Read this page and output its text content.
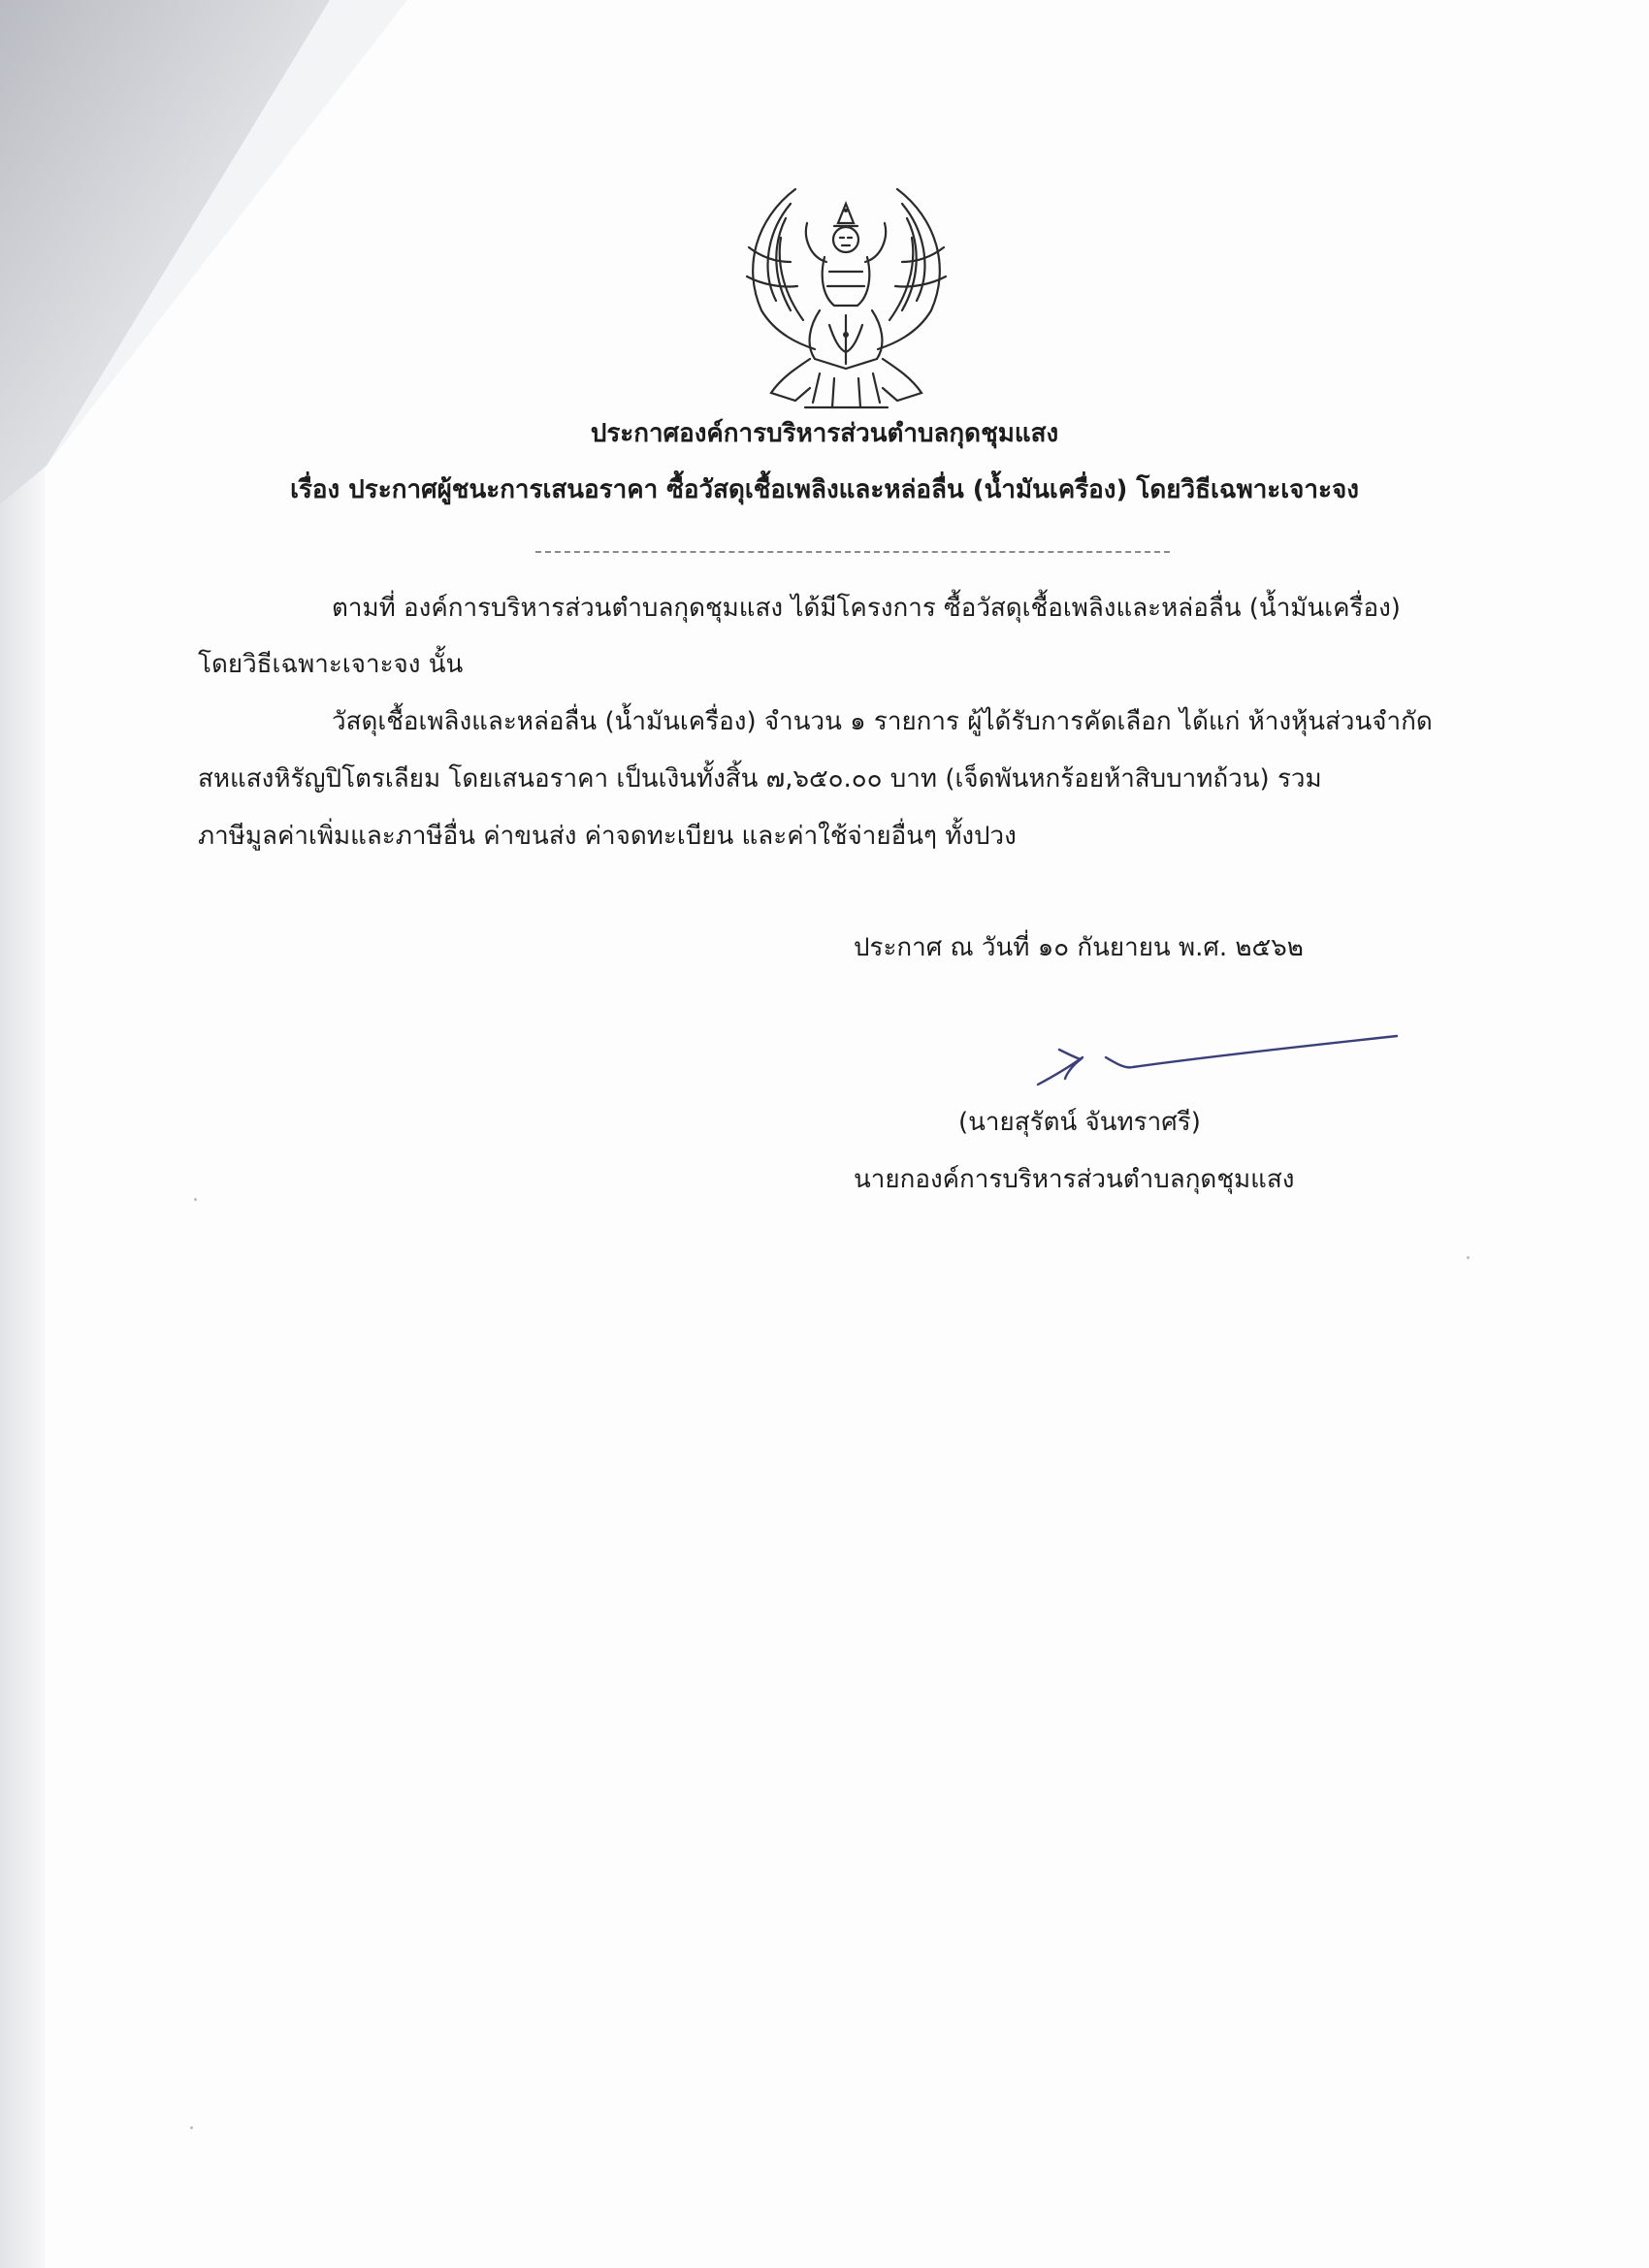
ประกาศองค์การบริหารส่วนตำบลกุดชุมแสง
เรื่อง ประกาศผู้ชนะการเสนอราคา ซื้อวัสดุเชื้อเพลิงและหล่อลื่น (น้ำมันเครื่อง) โดยวิธีเฉพาะเจาะจง
ตามที่ องค์การบริหารส่วนตำบลกุดชุมแสง ได้มีโครงการ ซื้อวัสดุเชื้อเพลิงและหล่อลื่น (น้ำมันเครื่อง)
โดยวิธีเฉพาะเจาะจง นั้น
วัสดุเชื้อเพลิงและหล่อลื่น (น้ำมันเครื่อง) จำนวน ๑ รายการ ผู้ได้รับการคัดเลือก ได้แก่ ห้างหุ้นส่วนจำกัด
สหแสงหิรัญปิโตรเลียม โดยเสนอราคา เป็นเงินทั้งสิ้น ๗,๖๕๐.๐๐ บาท (เจ็ดพันหกร้อยห้าสิบบาทถ้วน) รวม
ภาษีมูลค่าเพิ่มและภาษีอื่น ค่าขนส่ง ค่าจดทะเบียน และค่าใช้จ่ายอื่นๆ ทั้งปวง
ประกาศ ณ วันที่ ๑๐ กันยายน พ.ศ. ๒๕๖๒
(นายสุรัตน์ จันทราศรี)
นายกองค์การบริหารส่วนตำบลกุดชุมแสง
